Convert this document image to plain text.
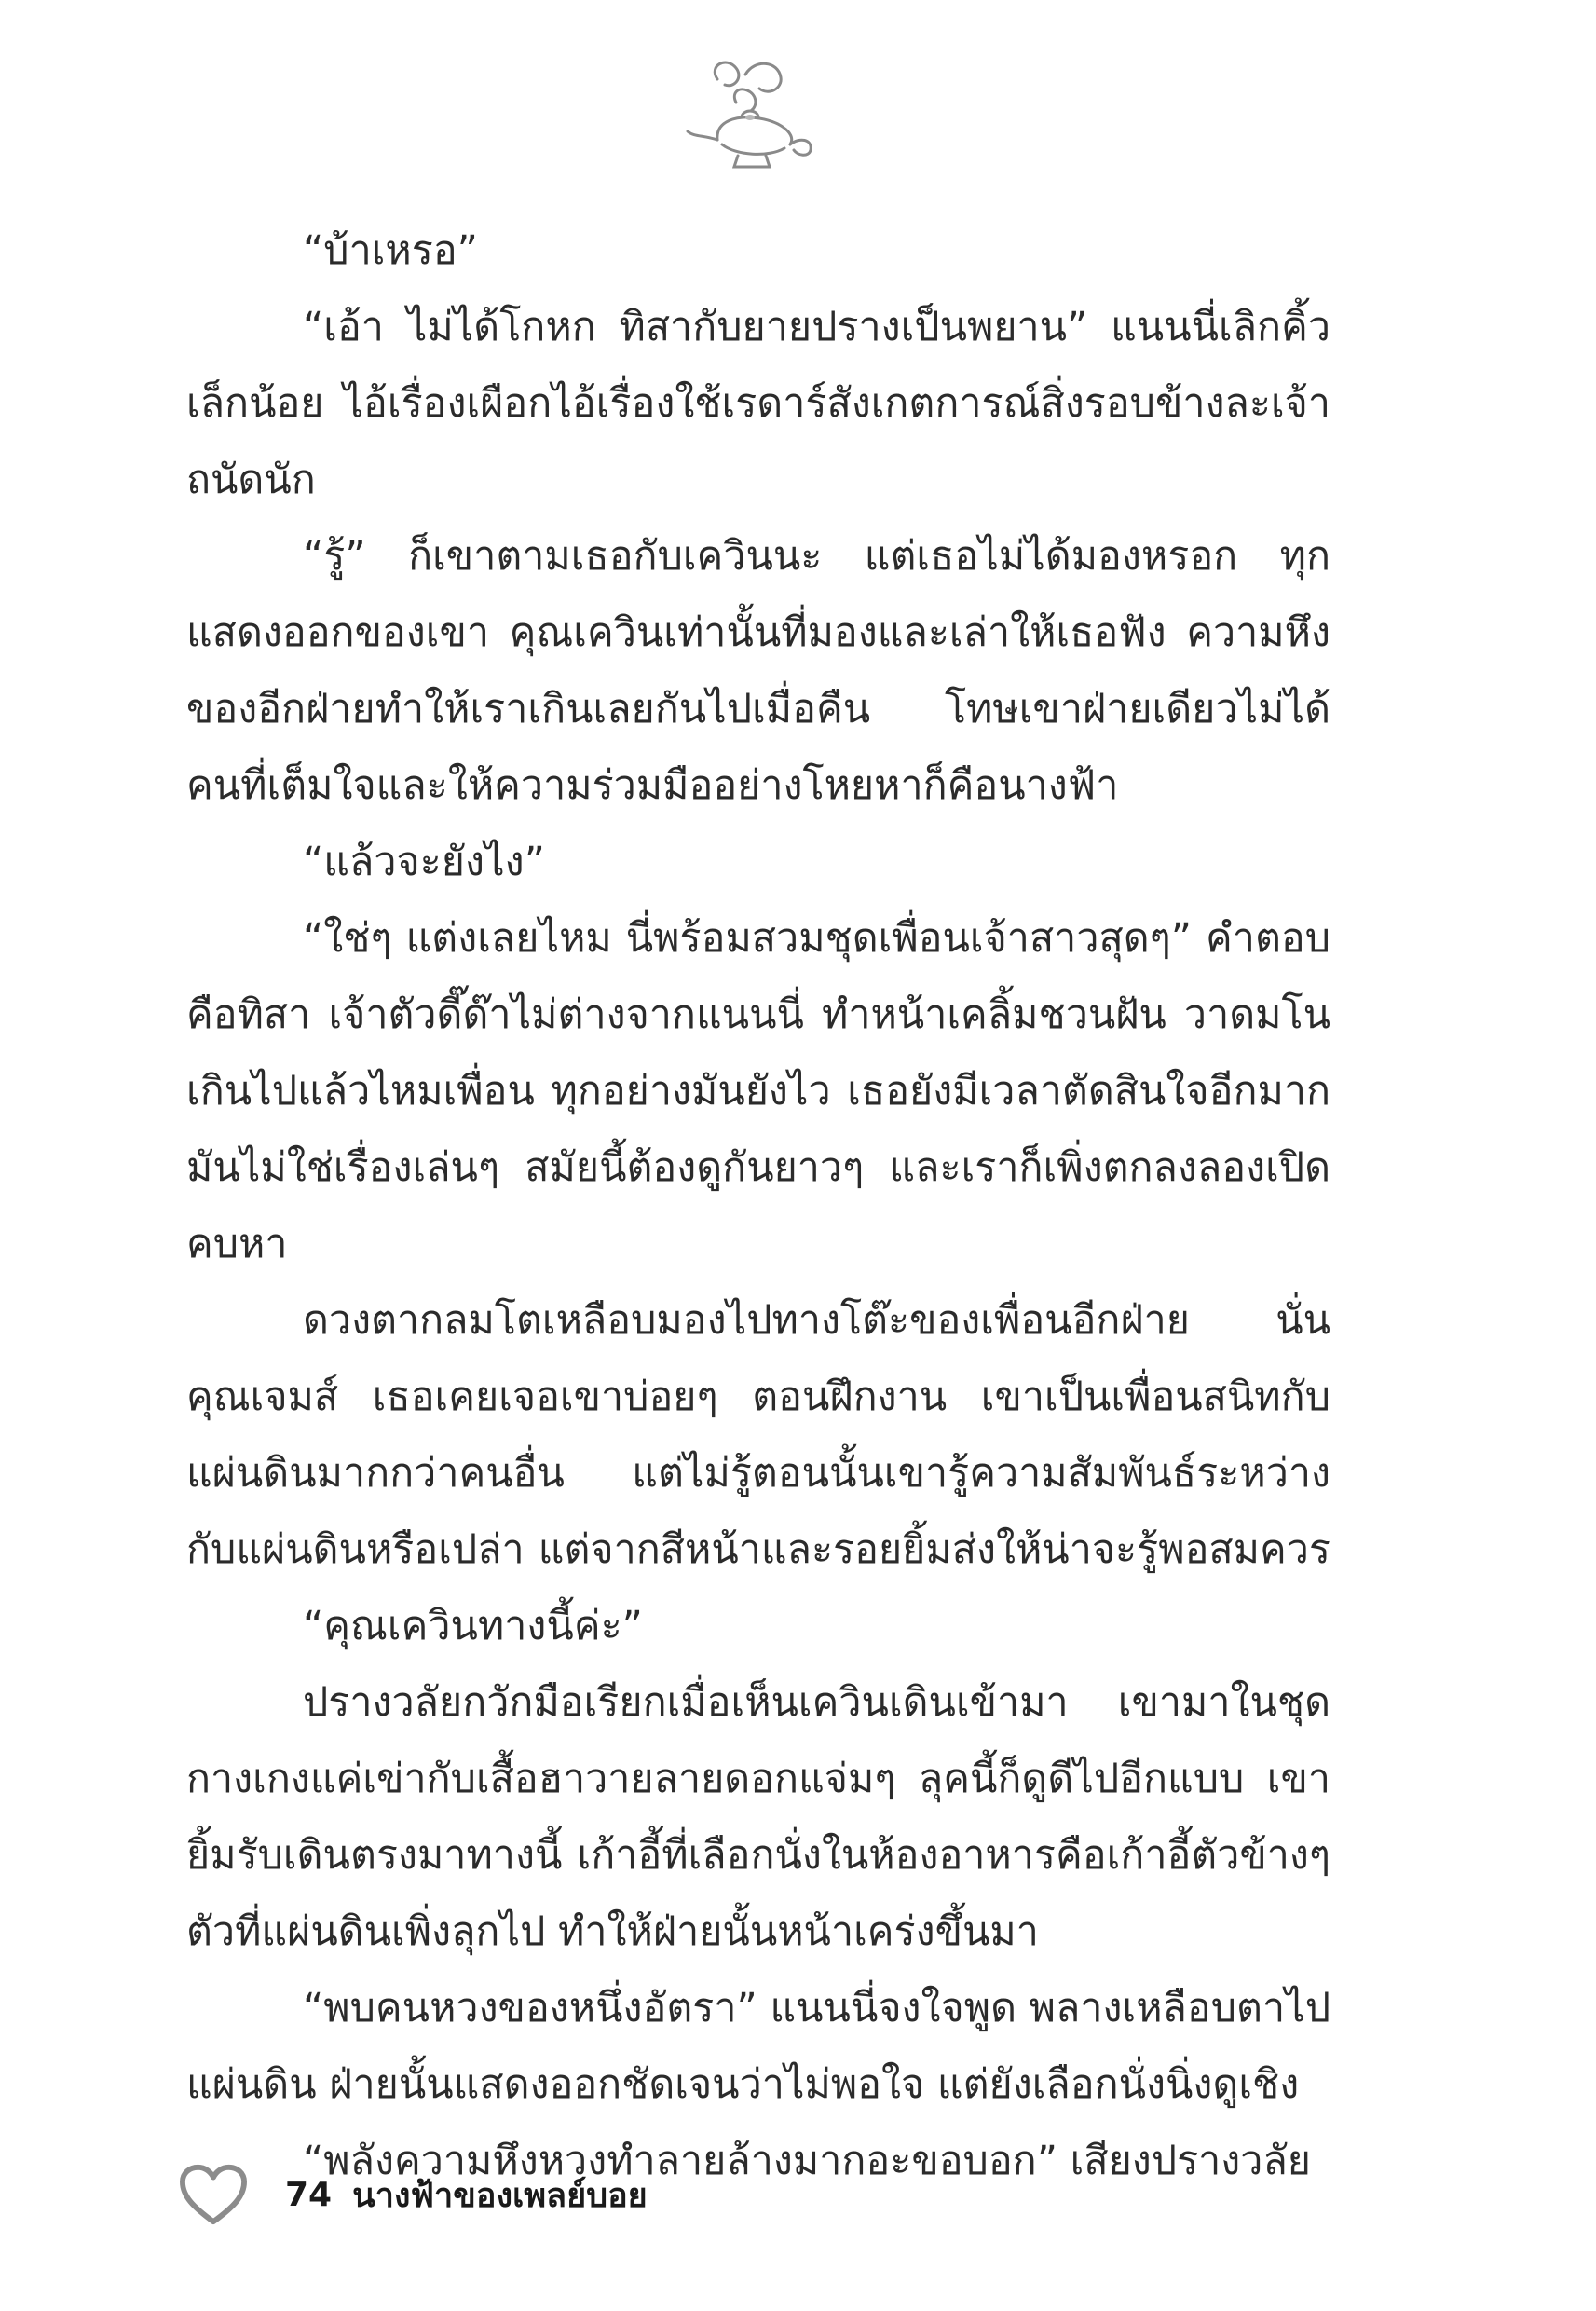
“บ้าเหรอ”
“เอ้า ไม่ได้โกหก ทิสากับยายปรางเป็นพยาน” แนนนี่เลิกคิ้ว
เล็กน้อย ไอ้เรื่องเผือกไอ้เรื่องใช้เรดาร์สังเกตการณ์สิ่งรอบข้างละเจ้า
ถนัดนัก
“รู้” ก็เขาตามเธอกับเควินนะ แต่เธอไม่ได้มองหรอก ทุก
แสดงออกของเขา คุณเควินเท่านั้นที่มองและเล่าให้เธอฟัง ความหึง
ของอีกฝ่ายทำให้เราเกินเลยกันไปเมื่อคืน โทษเขาฝ่ายเดียวไม่ได้
คนที่เต็มใจและให้ความร่วมมืออย่างโหยหาก็คือนางฟ้า
“แล้วจะยังไง”
“ใช่ๆ แต่งเลยไหม นี่พร้อมสวมชุดเพื่อนเจ้าสาวสุดๆ” คำตอบ
คือทิสา เจ้าตัวดี๊ด๊าไม่ต่างจากแนนนี่ ทำหน้าเคลิ้มชวนฝัน วาดมโน
เกินไปแล้วไหมเพื่อน ทุกอย่างมันยังไว เธอยังมีเวลาตัดสินใจอีกมาก
มันไม่ใช่เรื่องเล่นๆ สมัยนี้ต้องดูกันยาวๆ และเราก็เพิ่งตกลงลองเปิด
คบหา
ดวงตากลมโตเหลือบมองไปทางโต๊ะของเพื่อนอีกฝ่าย นั่น
คุณเจมส์ เธอเคยเจอเขาบ่อยๆ ตอนฝึกงาน เขาเป็นเพื่อนสนิทกับ
แผ่นดินมากกว่าคนอื่น แต่ไม่รู้ตอนนั้นเขารู้ความสัมพันธ์ระหว่าง
กับแผ่นดินหรือเปล่า แต่จากสีหน้าและรอยยิ้มส่งให้น่าจะรู้พอสมควร
“คุณเควินทางนี้ค่ะ”
ปรางวลัยกวักมือเรียกเมื่อเห็นเควินเดินเข้ามา เขามาในชุด
กางเกงแค่เข่ากับเสื้อฮาวายลายดอกแจ่มๆ ลุคนี้ก็ดูดีไปอีกแบบ เขา
ยิ้มรับเดินตรงมาทางนี้ เก้าอี้ที่เลือกนั่งในห้องอาหารคือเก้าอี้ตัวข้างๆ
ตัวที่แผ่นดินเพิ่งลุกไป ทำให้ฝ่ายนั้นหน้าเคร่งขึ้นมา
“พบคนหวงของหนึ่งอัตรา” แนนนี่จงใจพูด พลางเหลือบตาไป
แผ่นดิน ฝ่ายนั้นแสดงออกชัดเจนว่าไม่พอใจ แต่ยังเลือกนั่งนิ่งดูเชิง
“พลังความหึงหวงทำลายล้างมากอะขอบอก” เสียงปรางวลัย
74 นางฟ้าของเพลย์บอย
